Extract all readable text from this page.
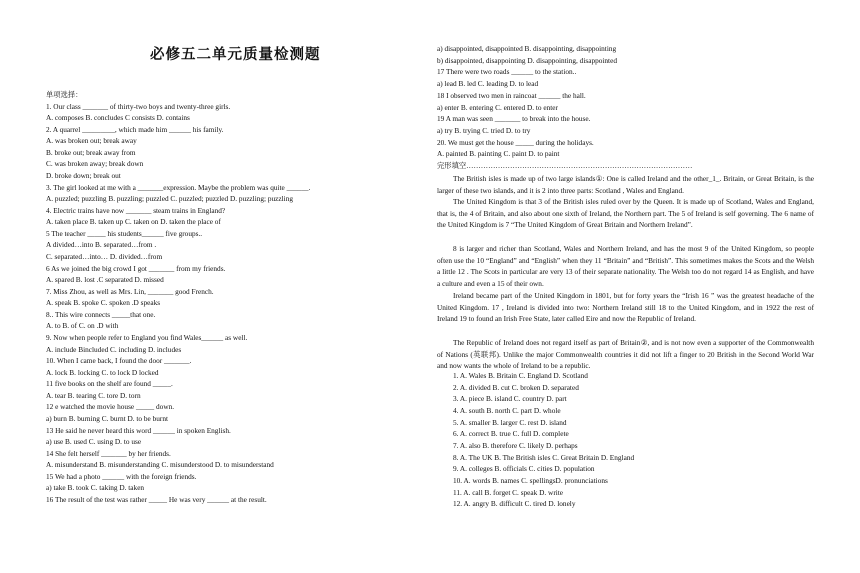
必修五二单元质量检测题
单项选择：
1. Our class _______ of thirty-two boys and twenty-three girls.
A. composes B. concludes C consists D. contains
2. A quarrel _________, which made him ______ his family.
A. was broken out; break away
B. broke out; break away from
C. was broken away; break down
D. broke down; break out
3. The girl looked at me with a _______expression. Maybe the problem was quite ______.
A. puzzled; puzzling B. puzzling; puzzled C. puzzled; puzzled D. puzzling; puzzling
4. Electric trains have now _______ steam trains in England?
A. taken place B. taken up C. taken on D. taken the place of
5 The teacher _____ his students______ five groups..
A divided…into B. separated…from .
C. separated…into… D. divided…from
6 As we joined the big crowd I got _______ from my friends.
A. spared B. lost .C separated D. missed
7. Miss Zhou, as well as Mrs. Lin, _______ good French.
A. speak B. spoke C. spoken .D speaks
8.. This wire connects _____that one.
A. to B. of C. on .D with
9. Now when people refer to England you find Wales______ as well.
A. include Bincluded C. including D. includes
10. When I came back, I found the door _______.
A. lock B. locking C. to lock D locked
11 five books on the shelf are found _____.
A. tear B. tearing C. tore D. torn
12 e watched the movie house _____ down.
a) burn B. burning C. burnt D. to be burnt
13 He said he never heard this word ______ in spoken English.
a) use B. used C. using D. to use
14 She felt herself _______ by her friends.
A. misunderstand B. misunderstanding C. misunderstood D. to misunderstand
15 We had a photo ______ with the foreign friends.
a) take B. took C. taking D. taken
16 The result of the test was rather _____ He was very ______ at the result.
a) disappointed, disappointed B. disappointing, disappointing
b) disappointed, disappointing D. disappointing, disappointed
17 There were two roads ______ to the station..
a) lead B. led C. leading D. to lead
18 I observed two men in raincoat ______ the hall.
a) enter B. entering C. entered D. to enter
19 A man was seen _______ to break into the house.
a) try B. trying C. tried D. to try
20. We must get the house _____ during the holidays.
A. painted B. painting C. paint D. to paint
完形填空…………………………………………………………………………………
The British isles is made up of two large islands①: One is called Ireland and the other_1_. Britain, or Great Britain, is the larger of these two islands, and it is 2 into three parts: Scotland , Wales and England.
The United Kingdom is that 3 of the British isles ruled over by the Queen. It is made up of Scotland, Wales and England, that is, the 4 of Britain, and also about one sixth of Ireland, the Northern part. The 5 of Ireland is self governing. The 6 name of the United Kingdom is 7 “The United Kingdom of Great Britain and Northern Ireland”.
8 is larger and richer than Scotland, Wales and Northern Ireland, and has the most 9 of the United Kingdom, so people often use the 10 “England” and “English” when they 11 “Britain” and “British”. This sometimes makes the Scots and the Welsh a little 12 . The Scots in particular are very 13 of their separate nationality. The Welsh too do not regard 14 as English, and have a culture and even a 15 of their own.
Ireland became part of the United Kingdom in 1801, but for forty years the “Irish 16 ” was the greatest headache of the United Kingdom. 17 , Ireland is divided into two: Northern Ireland still 18 to the United Kingdom, and in 1922 the rest of Ireland 19 to found an Irish Free State, later called Eire and now the Republic of Ireland.
The Republic of Ireland does not regard itself as part of Britain②, and is not now even a supporter of the Commonwealth of Nations (英联邦). Unlike the major Commonwealth countries it did not lift a finger to 20 British in the Second World War and now wants the whole of Ireland to be a republic.
1. A. Wales B. Britain C. England D. Scotland
2. A. divided B. cut C. broken D. separated
3. A. piece B. island C. country D. part
4. A. south B. north C. part D. whole
5. A. smaller B. larger C. rest D. island
6. A. correct B. true C. full D. complete
7. A. also B. therefore C. likely D. perhaps
8. A. The UK B. The British isles C. Great Britain D. England
9. A. colleges B. officials C. cities D. population
10. A. words B. names C. spellingsD. pronunciations
11. A. call B. forget C. speak D. write
12. A. angry B. difficult C. tired D. lonely
